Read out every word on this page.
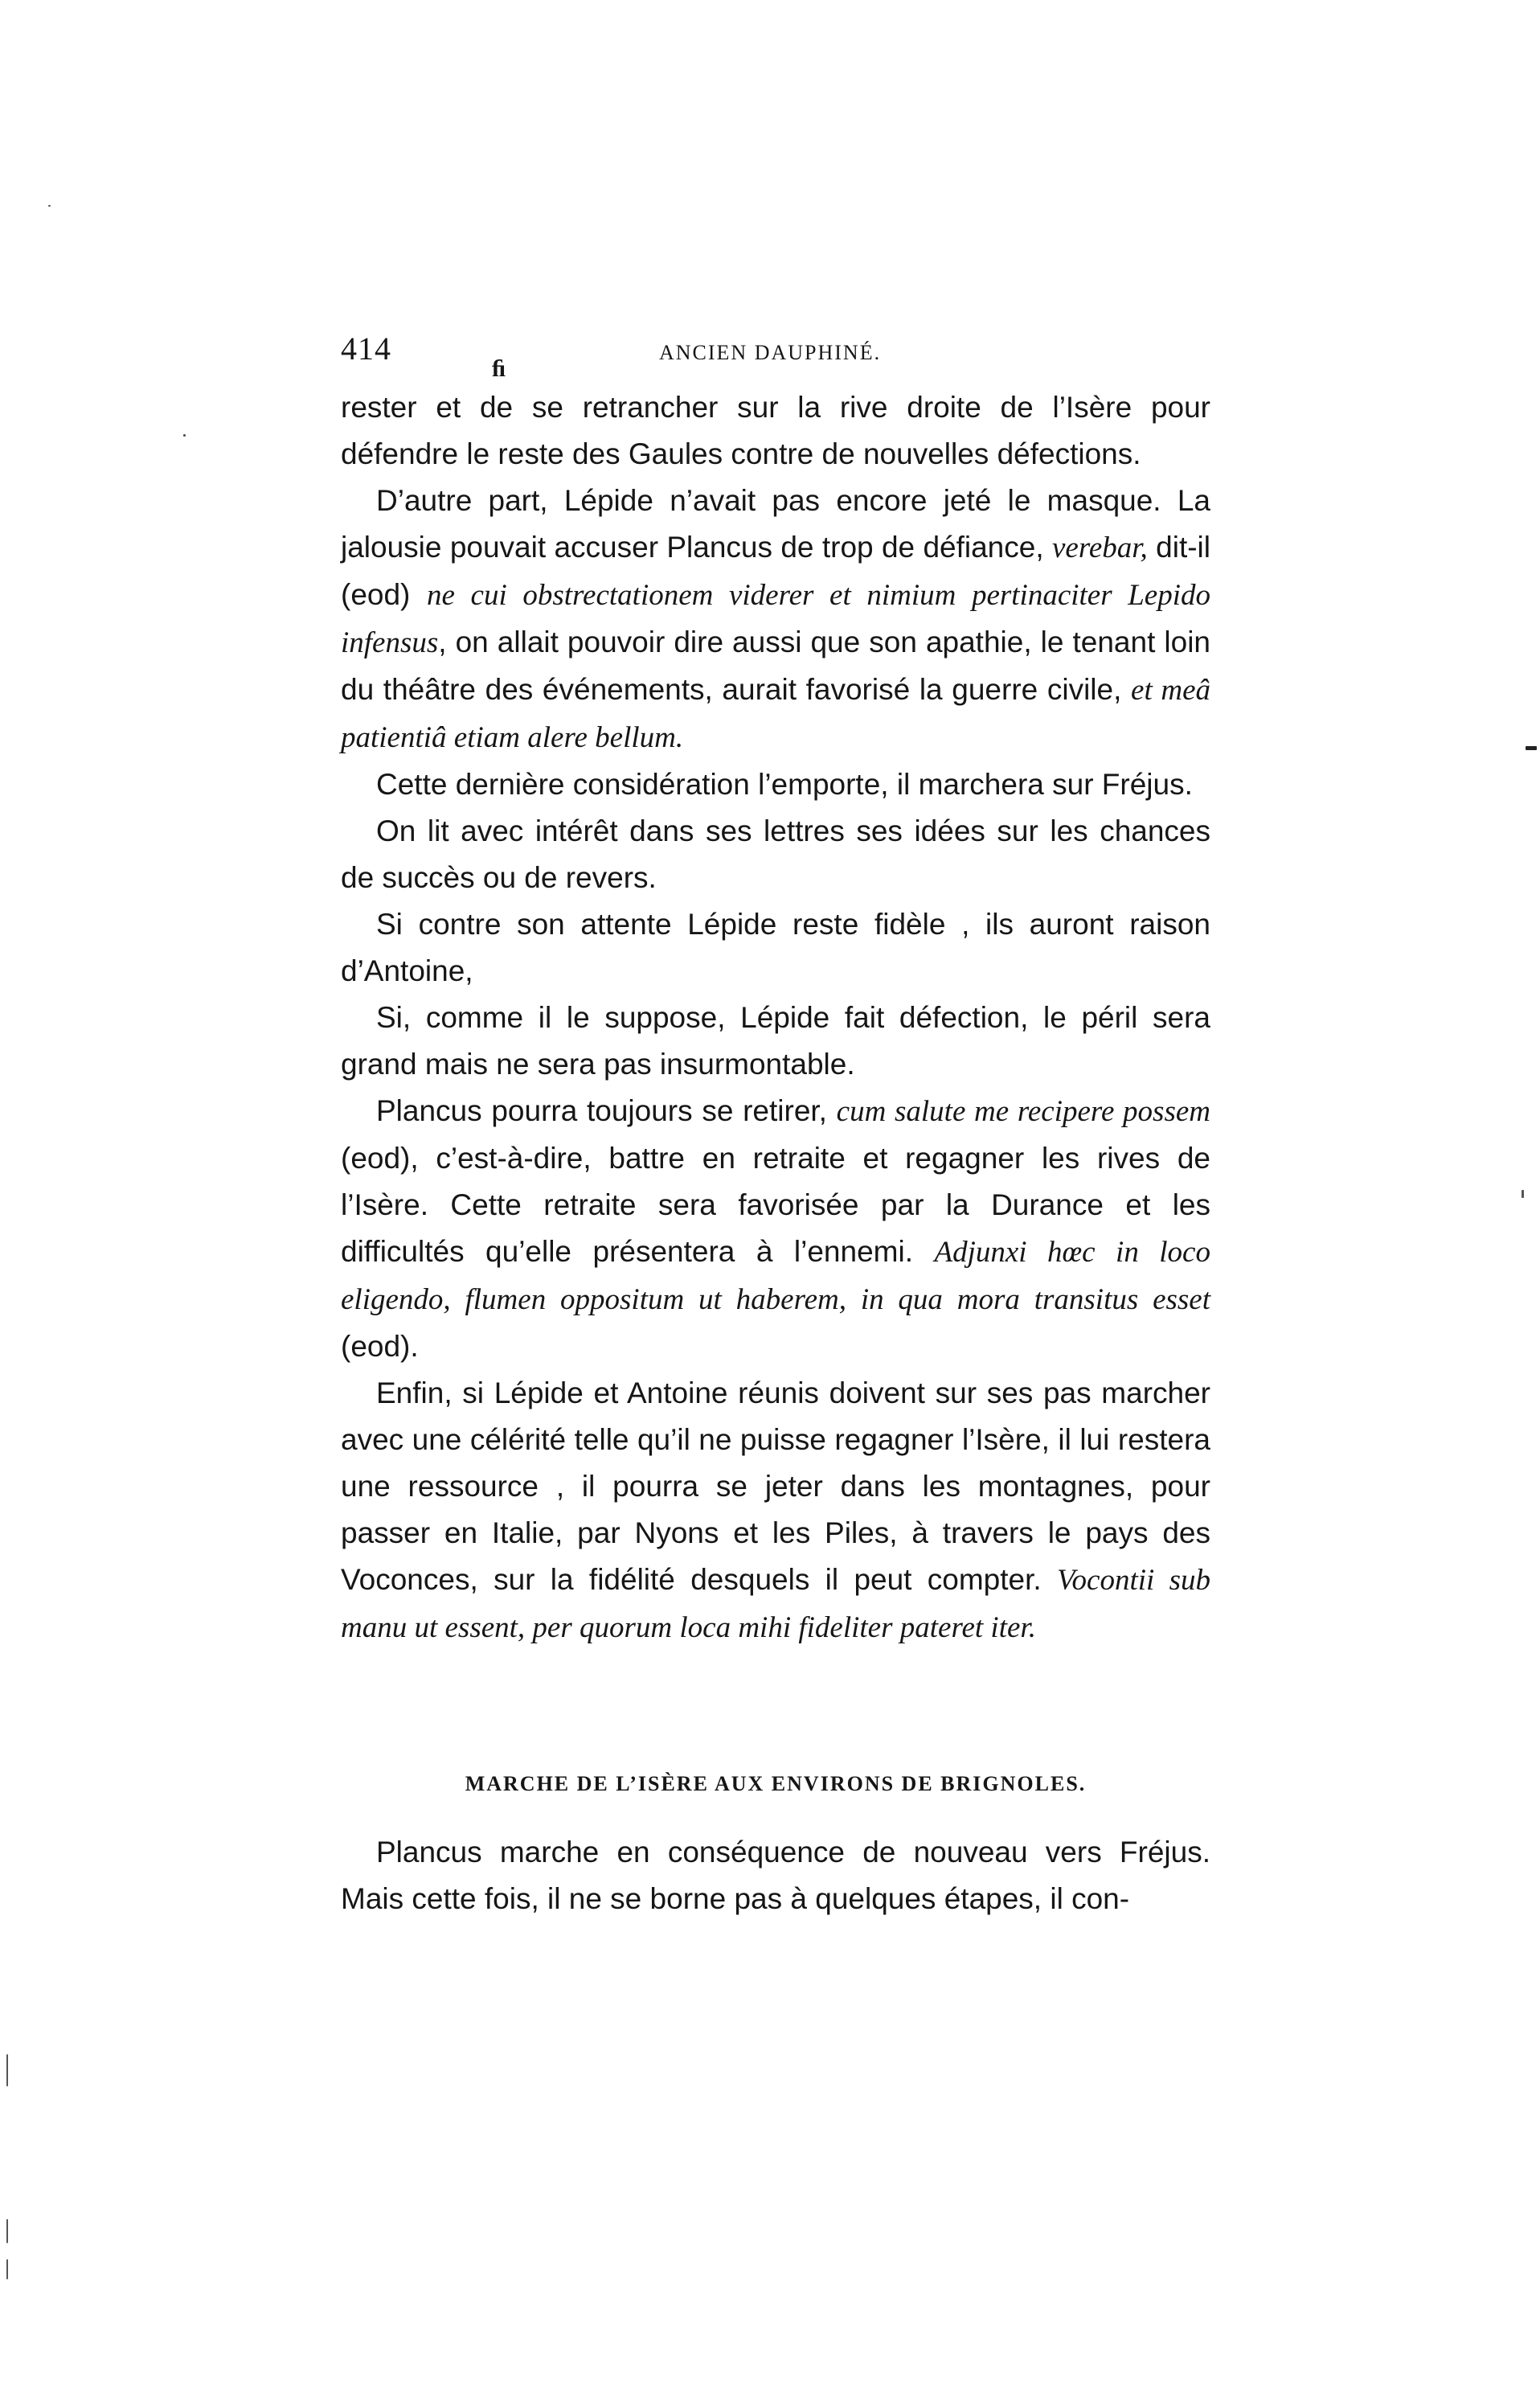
414	ANCIEN DAUPHINÉ.
ﬁ

rester et de se retrancher sur la rive droite de l’Isère pour défendre le reste des Gaules contre de nouvelles défections.

D’autre part, Lépide n’avait pas encore jeté le masque. La jalousie pouvait accuser Plancus de trop de défiance, verebar, dit-il (eod) ne cui obstrectationem viderer et nimium pertinaciter Lepido infensus, on allait pouvoir dire aussi que son apathie, le tenant loin du théâtre des événements, aurait favorisé la guerre civile, et meâ patientiâ etiam alere bellum.

Cette dernière considération l’emporte, il marchera sur Fréjus.

On lit avec intérêt dans ses lettres ses idées sur les chances de succès ou de revers.

Si contre son attente Lépide reste fidèle , ils auront raison d’Antoine,

Si, comme il le suppose, Lépide fait défection, le péril sera grand mais ne sera pas insurmontable.

Plancus pourra toujours se retirer, cum salute me recipere possem (eod), c’est-à-dire, battre en retraite et regagner les rives de l’Isère. Cette retraite sera favorisée par la Durance et les difficultés qu’elle présentera à l’ennemi. Adjunxi hœc in loco eligendo, flumen oppositum ut haberem, in qua mora transitus esset (eod).

Enfin, si Lépide et Antoine réunis doivent sur ses pas marcher avec une célérité telle qu’il ne puisse regagner l’Isère, il lui restera une ressource , il pourra se jeter dans les montagnes, pour passer en Italie, par Nyons et les Piles, à travers le pays des Voconces, sur la fidélité desquels il peut compter. Vocontii sub manu ut essent, per quorum loca mihi fideliter pateret iter.

MARCHE DE L’ISÈRE AUX ENVIRONS DE BRIGNOLES.

Plancus marche en conséquence de nouveau vers Fréjus. Mais cette fois, il ne se borne pas à quelques étapes, il con-
